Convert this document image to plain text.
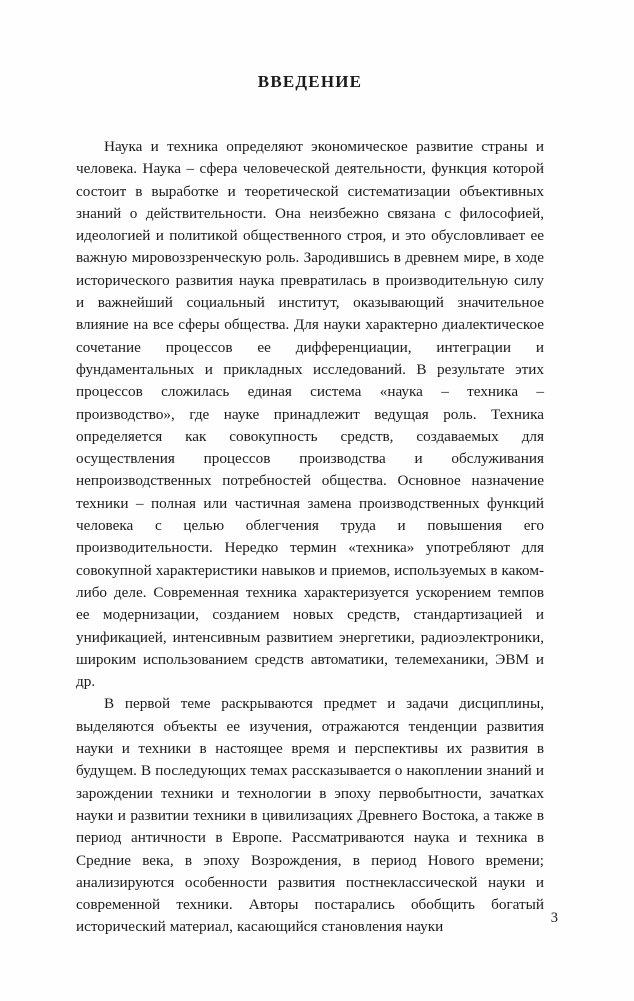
ВВЕДЕНИЕ

Наука и техника определяют экономическое развитие страны и человека. Наука – сфера человеческой деятельности, функция которой состоит в выработке и теоретической систематизации объективных знаний о действительности. Она неизбежно связана с философией, идеологией и политикой общественного строя, и это обусловливает ее важную мировоззренческую роль. Зародившись в древнем мире, в ходе исторического развития наука превратилась в производительную силу и важнейший социальный институт, оказывающий значительное влияние на все сферы общества. Для науки характерно диалектическое сочетание процессов ее дифференциации, интеграции и фундаментальных и прикладных исследований. В результате этих процессов сложилась единая система «наука – техника – производство», где науке принадлежит ведущая роль. Техника определяется как совокупность средств, создаваемых для осуществления процессов производства и обслуживания непроизводственных потребностей общества. Основное назначение техники – полная или частичная замена производственных функций человека с целью облегчения труда и повышения его производительности. Нередко термин «техника» употребляют для совокупной характеристики навыков и приемов, используемых в каком-либо деле. Современная техника характеризуется ускорением темпов ее модернизации, созданием новых средств, стандартизацией и унификацией, интенсивным развитием энергетики, радиоэлектроники, широким использованием средств автоматики, телемеханики, ЭВМ и др.

В первой теме раскрываются предмет и задачи дисциплины, выделяются объекты ее изучения, отражаются тенденции развития науки и техники в настоящее время и перспективы их развития в будущем. В последующих темах рассказывается о накоплении знаний и зарождении техники и технологии в эпоху первобытности, зачатках науки и развитии техники в цивилизациях Древнего Востока, а также в период античности в Европе. Рассматриваются наука и техника в Средние века, в эпоху Возрождения, в период Нового времени; анализируются особенности развития постнеклассической науки и современной техники. Авторы постарались обобщить богатый исторический материал, касающийся становления науки

3
